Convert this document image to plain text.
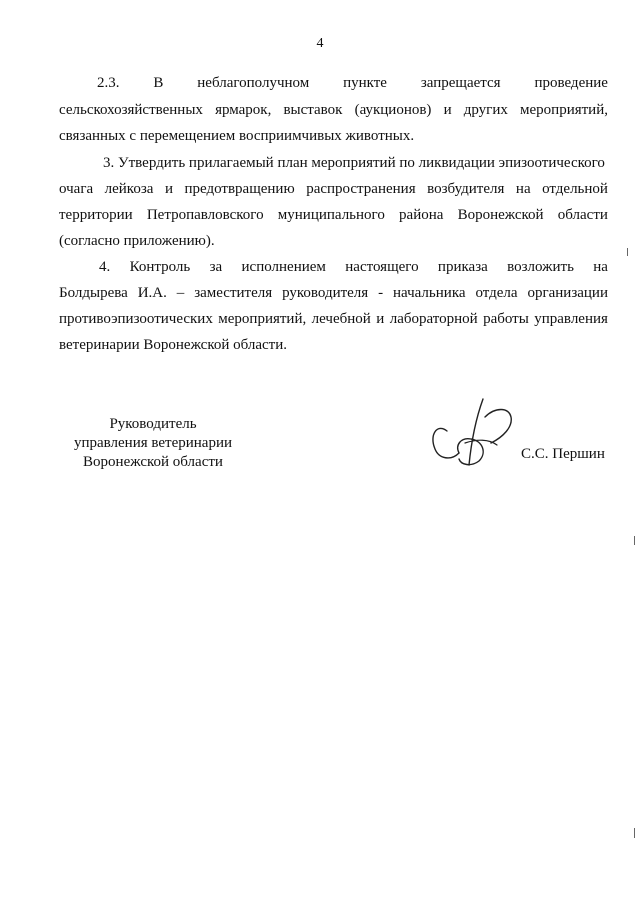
4
2.3. В неблагополучном пункте запрещается проведение
сельскохозяйственных ярмарок, выставок (аукционов) и других мероприятий,
связанных с перемещением восприимчивых животных.
3. Утвердить прилагаемый план мероприятий по ликвидации эпизоотического
очага лейкоза и предотвращению распространения возбудителя на отдельной
территории Петропавловского муниципального района Воронежской области
(согласно приложению).
4. Контроль за исполнением настоящего приказа возложить на
Болдырева И.А. – заместителя руководителя - начальника отдела организации
противоэпизоотических мероприятий, лечебной и лабораторной работы управления
ветеринарии Воронежской области.
Руководитель
управления ветеринарии
Воронежской области	С.С. Першин
